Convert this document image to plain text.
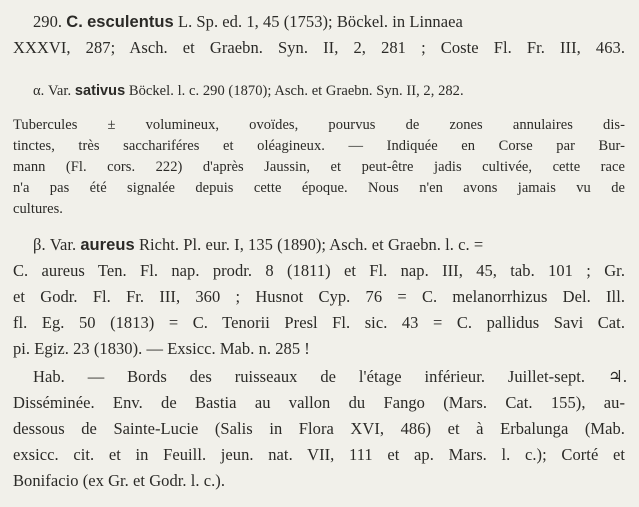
290. C. esculentus L. Sp. ed. 1, 45 (1753); Böckel. in Linnaea
XXXVI, 287; Asch. et Graebn. Syn. II, 2, 281 ; Coste Fl. Fr. III, 463.
α. Var. sativus Böckel. l. c. 290 (1870); Asch. et Graebn. Syn. II, 2, 282.
Tubercules ± volumineux, ovoïdes, pourvus de zones annulaires dis-
tinctes, très sacchariféres et oléagineux. — Indiquée en Corse par Bur-
mann (Fl. cors. 222) d'après Jaussin, et peut-être jadis cultivée, cette race
n'a pas été signalée depuis cette époque. Nous n'en avons jamais vu de
cultures.
β. Var. aureus Richt. Pl. eur. I, 135 (1890); Asch. et Graebn. l. c. =
C. aureus Ten. Fl. nap. prodr. 8 (1811) et Fl. nap. III, 45, tab. 101 ; Gr.
et Godr. Fl. Fr. III, 360 ; Husnot Cyp. 76 = C. melanorrhizus Del. Ill.
fl. Eg. 50 (1813) = C. Tenorii Presl Fl. sic. 43 = C. pallidus Savi Cat.
pi. Egiz. 23 (1830). — Exsicc. Mab. n. 285 !
Hab. — Bords des ruisseaux de l'étage inférieur. Juillet-sept. ♃.
Disséminée. Env. de Bastia au vallon du Fango (Mars. Cat. 155), au-
dessous de Sainte-Lucie (Salis in Flora XVI, 486) et à Erbalunga (Mab.
exsicc. cit. et in Feuill. jeun. nat. VII, 111 et ap. Mars. l. c.); Corté et
Bonifacio (ex Gr. et Godr. l. c.).
